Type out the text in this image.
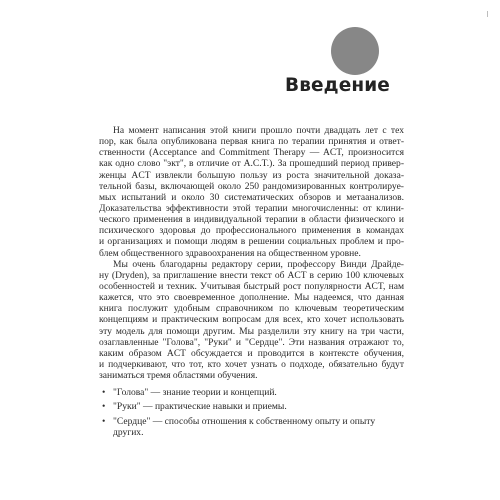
Введение
На момент написания этой книги прошло почти двадцать лет с тех
пор, как была опубликована первая книга по терапии принятия и ответ-
ственности (Acceptance and Commitment Therapy — ACT, произносится
как одно слово "экт", в отличие от A.C.T.). За прошедший период привер-
женцы ACT извлекли большую пользу из роста значительной доказа-
тельной базы, включающей около 250 рандомизированных контролируе-
мых испытаний и около 30 систематических обзоров и метаанализов.
Доказательства эффективности этой терапии многочисленны: от клини-
ческого применения в индивидуальной терапии в области физического и
психического здоровья до профессионального применения в командах
и организациях и помощи людям в решении социальных проблем и про-
блем общественного здравоохранения на общественном уровне.
Мы очень благодарны редактору серии, профессору Винди Драйде-
ну (Dryden), за приглашение внести текст об ACT в серию 100 ключевых
особенностей и техник. Учитывая быстрый рост популярности ACT, нам
кажется, что это своевременное дополнение. Мы надеемся, что данная
книга послужит удобным справочником по ключевым теоретическим
концепциям и практическим вопросам для всех, кто хочет использовать
эту модель для помощи другим. Мы разделили эту книгу на три части,
озаглавленные "Голова", "Руки" и "Сердце". Эти названия отражают то,
каким образом ACT обсуждается и проводится в контексте обучения,
и подчеркивают, что тот, кто хочет узнать о подходе, обязательно будут
заниматься тремя областями обучения.
• "Голова" — знание теории и концепций.
• "Руки" — практические навыки и приемы.
• "Сердце" — способы отношения к собственному опыту и опыту
других.
